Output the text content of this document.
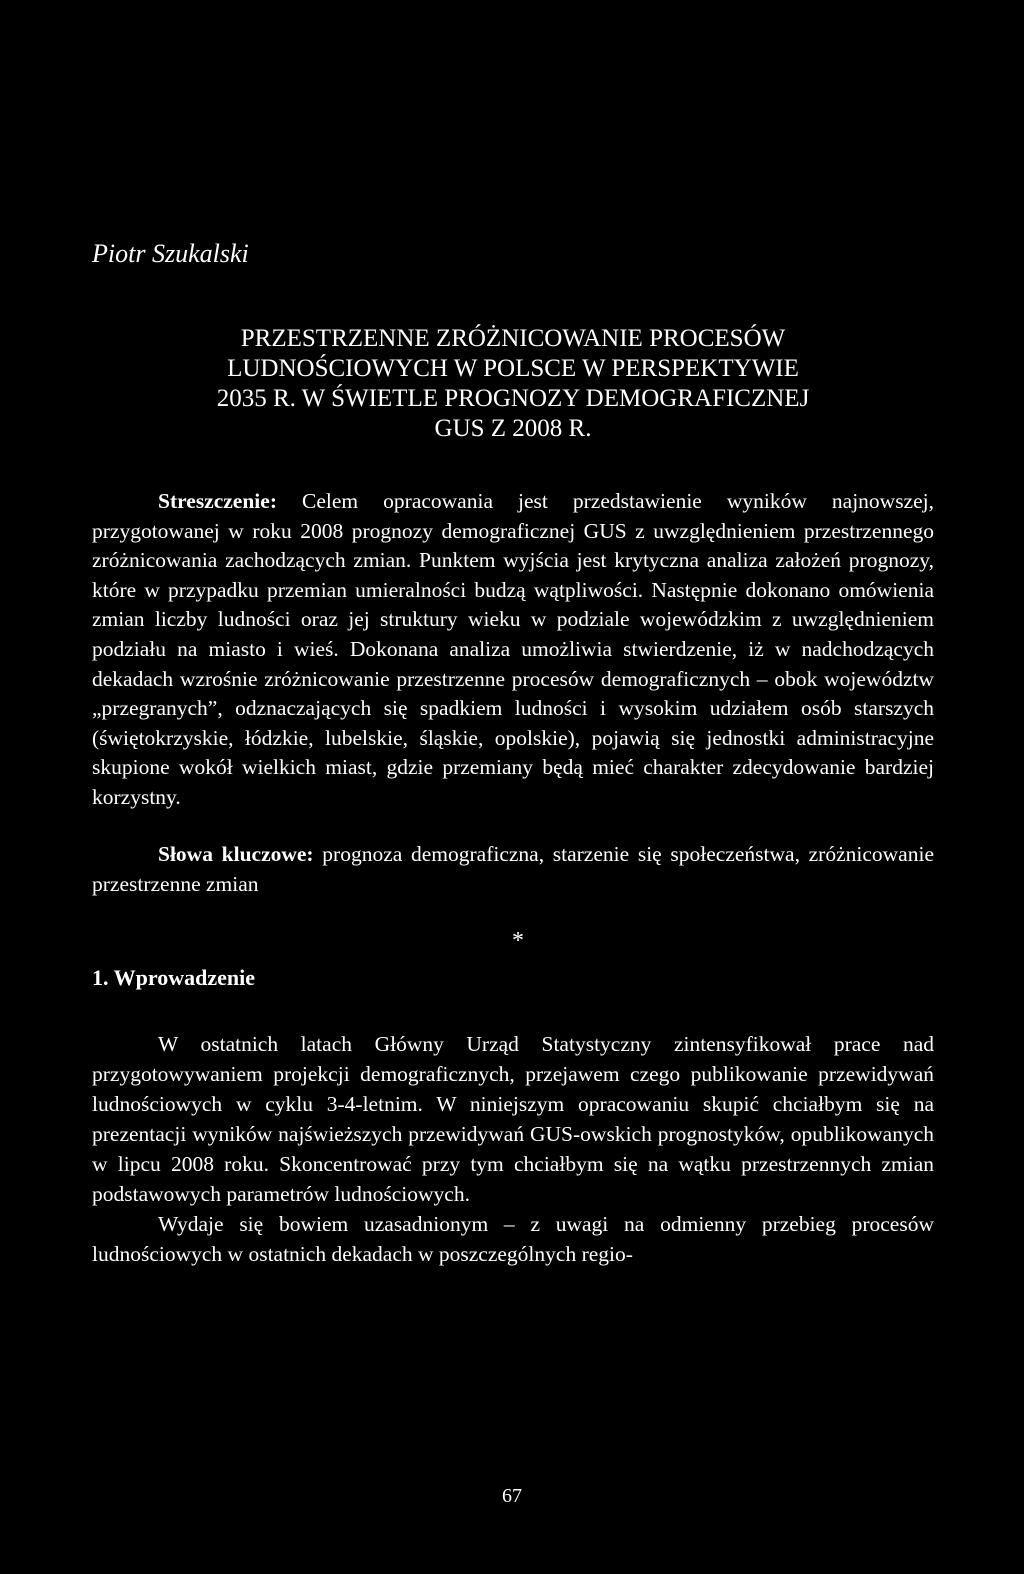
Piotr Szukalski

PRZESTRZENNE ZRÓŻNICOWANIE PROCESÓW
LUDNOŚCIOWYCH W POLSCE W PERSPEKTYWIE
2035 R. W ŚWIETLE PROGNOZY DEMOGRAFICZNEJ
GUS Z 2008 R.

Streszczenie: Celem opracowania jest przedstawienie wyników najnowszej, przygotowanej w roku 2008 prognozy demograficznej GUS z uwzględnieniem przestrzennego zróżnicowania zachodzących zmian. Punktem wyjścia jest krytyczna analiza założeń prognozy, które w przypadku przemian umieralności budzą wątpliwości. Następnie dokonano omówienia zmian liczby ludności oraz jej struktury wieku w podziale wojewódzkim z uwzględnieniem podziału na miasto i wieś. Dokonana analiza umożliwia stwierdzenie, iż w nadchodzących dekadach wzrośnie zróżnicowanie przestrzenne procesów demograficznych – obok województw „przegranych”, odznaczających się spadkiem ludności i wysokim udziałem osób starszych (świętokrzyskie, łódzkie, lubelskie, śląskie, opolskie), pojawią się jednostki administracyjne skupione wokół wielkich miast, gdzie przemiany będą mieć charakter zdecydowanie bardziej korzystny.

Słowa kluczowe: prognoza demograficzna, starzenie się społeczeństwa, zróżnicowanie przestrzenne zmian

*
1. Wprowadzenie

W ostatnich latach Główny Urząd Statystyczny zintensyfikował prace nad przygotowywaniem projekcji demograficznych, przejawem czego publikowanie przewidywań ludnościowych w cyklu 3-4-letnim. W niniejszym opracowaniu skupić chciałbym się na prezentacji wyników najświeższych przewidywań GUS-owskich prognostyków, opublikowanych w lipcu 2008 roku. Skoncentrować przy tym chciałbym się na wątku przestrzennych zmian podstawowych parametrów ludnościowych.

Wydaje się bowiem uzasadnionym – z uwagi na odmienny przebieg procesów ludnościowych w ostatnich dekadach w poszczególnych regio-

67
